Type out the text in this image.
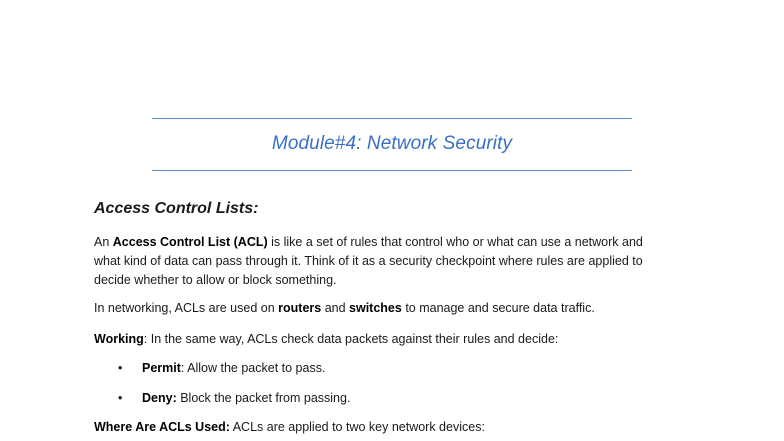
Module#4: Network Security
Access Control Lists:
An Access Control List (ACL) is like a set of rules that control who or what can use a network and
what kind of data can pass through it. Think of it as a security checkpoint where rules are applied to
decide whether to allow or block something.
In networking, ACLs are used on routers and switches to manage and secure data traffic.
Working: In the same way, ACLs check data packets against their rules and decide:
• Permit: Allow the packet to pass.
• Deny: Block the packet from passing.
Where Are ACLs Used: ACLs are applied to two key network devices:
